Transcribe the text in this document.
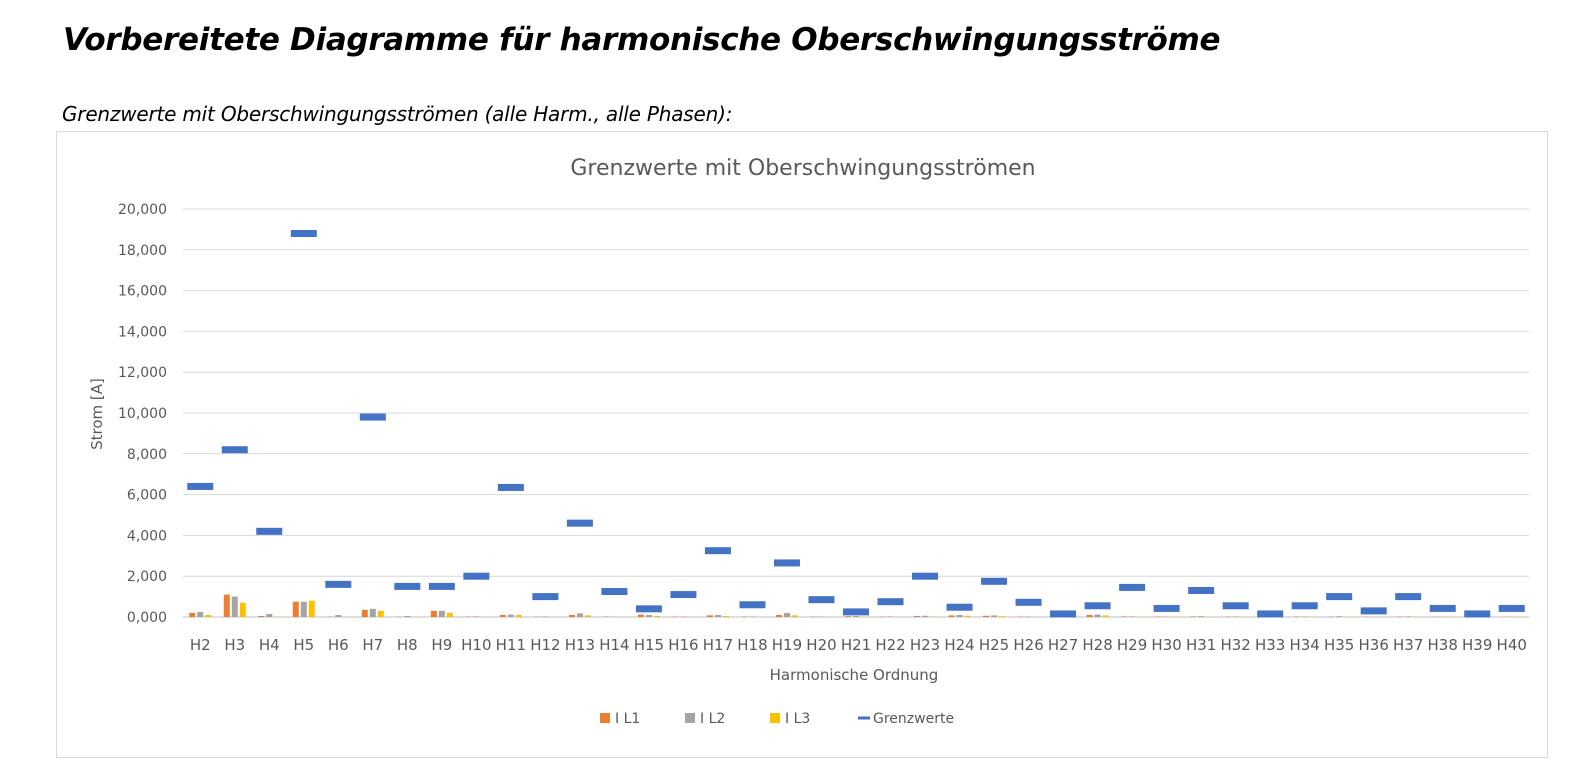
Vorbereitete Diagramme für harmonische Oberschwingungsströme

Grenzwerte mit Oberschwingungsströmen (alle Harm., alle Phasen):

Grenzwerte mit Oberschwingungsströmen
0,000
2,000
4,000
6,000
8,000
10,000
12,000
14,000
16,000
18,000
20,000
H2 H3 H4 H5 H6 H7 H8 H9 H10 H11 H12 H13 H14 H15 H16 H17 H18 H19 H20 H21 H22 H23 H24 H25 H26 H27 H28 H29 H30 H31 H32 H33 H34 H35 H36 H37 H38 H39 H40
Harmonische Ordnung
Strom [A]
I L1	I L2	I L3	Grenzwerte
